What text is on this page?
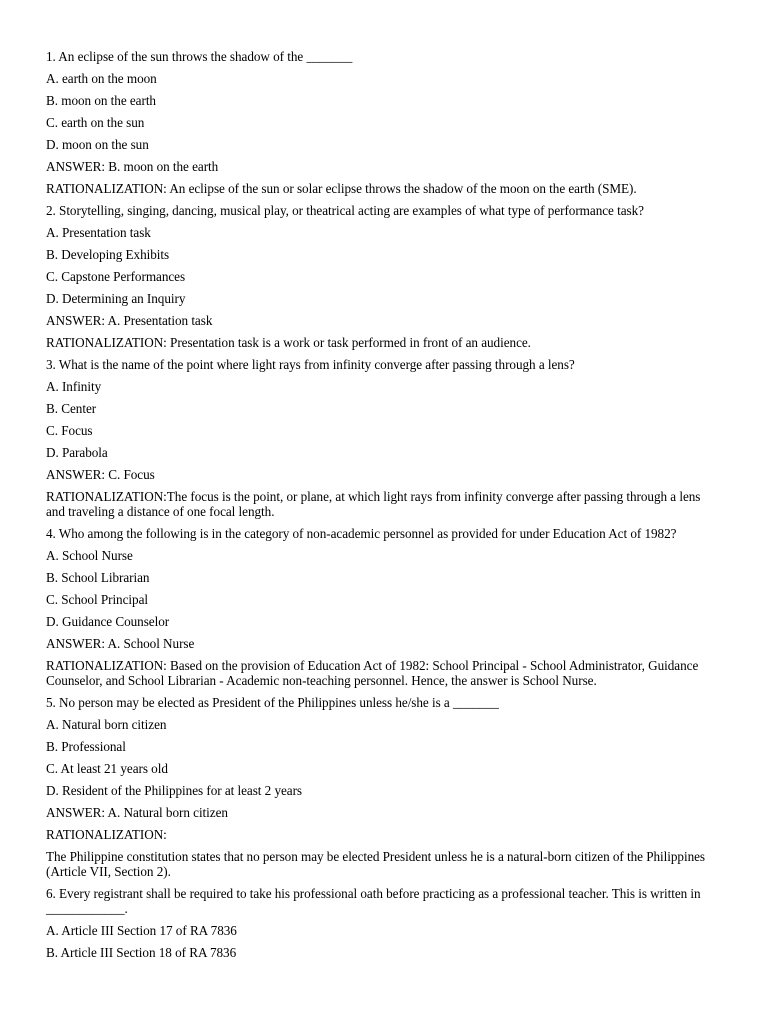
1. An eclipse of the sun throws the shadow of the _______
A. earth on the moon
B. moon on the earth
C. earth on the sun
D. moon on the sun
ANSWER: B. moon on the earth
RATIONALIZATION: An eclipse of the sun or solar eclipse throws the shadow of the moon on the earth (SME).
2. Storytelling, singing, dancing, musical play, or theatrical acting are examples of what type of performance task?
A. Presentation task
B. Developing Exhibits
C. Capstone Performances
D. Determining an Inquiry
ANSWER: A. Presentation task
RATIONALIZATION: Presentation task is a work or task performed in front of an audience.
3. What is the name of the point where light rays from infinity converge after passing through a lens?
A. Infinity
B. Center
C. Focus
D. Parabola
ANSWER: C. Focus
RATIONALIZATION:The focus is the point, or plane, at which light rays from infinity converge after passing through a lens and traveling a distance of one focal length.
4. Who among the following is in the category of non-academic personnel as provided for under Education Act of 1982?
A. School Nurse
B. School Librarian
C. School Principal
D. Guidance Counselor
ANSWER: A. School Nurse
RATIONALIZATION: Based on the provision of Education Act of 1982: School Principal - School Administrator, Guidance Counselor, and School Librarian - Academic non-teaching personnel. Hence, the answer is School Nurse.
5. No person may be elected as President of the Philippines unless he/she is a _______
A. Natural born citizen
B. Professional
C. At least 21 years old
D. Resident of the Philippines for at least 2 years
ANSWER: A. Natural born citizen
RATIONALIZATION:
The Philippine constitution states that no person may be elected President unless he is a natural-born citizen of the Philippines (Article VII, Section 2).
6. Every registrant shall be required to take his professional oath before practicing as a professional teacher. This is written in ____________.
A. Article III Section 17 of RA 7836
B. Article III Section 18 of RA 7836
